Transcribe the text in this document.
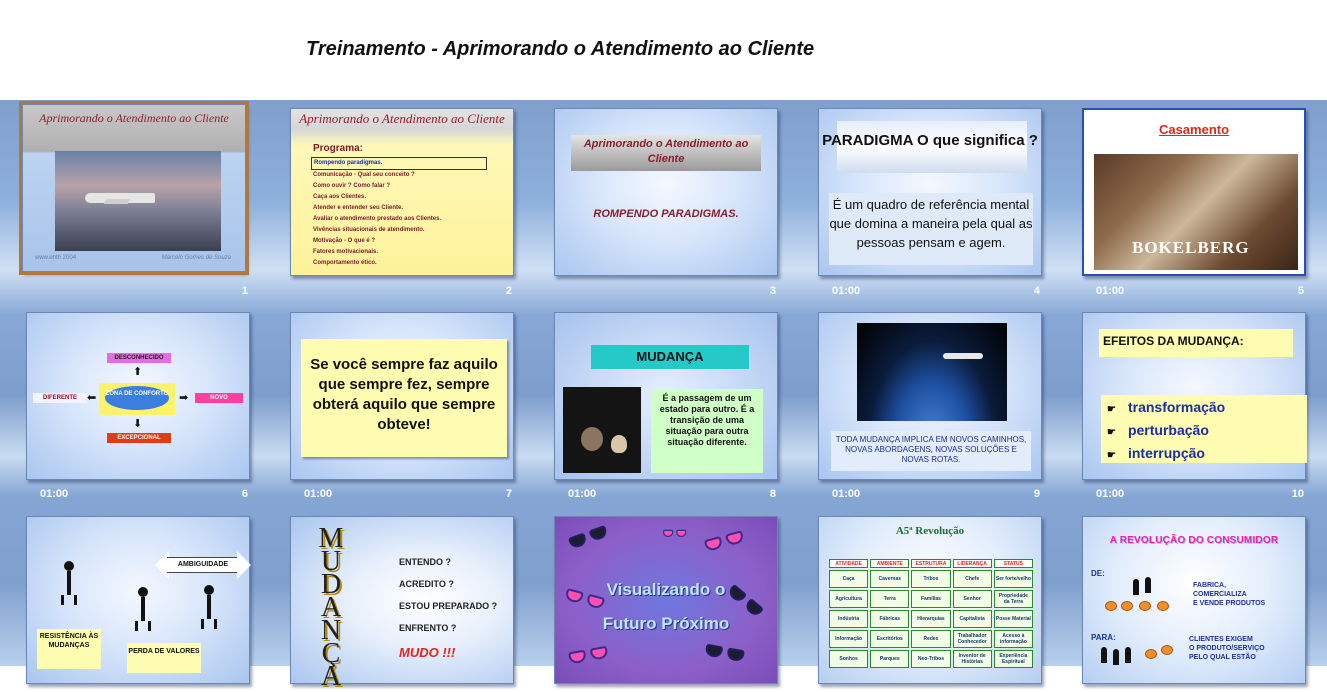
Treinamento - Aprimorando o Atendimento ao Cliente
Aprimorando o Atendimento ao Cliente
www.ehth 2004	Marcelo Gomes de Souza
1
Aprimorando o Atendimento ao Cliente
Programa:
Rompendo paradigmas.
Comunicação - Qual seu conceito ?
Como ouvir ? Como falar ?
Caça aos Clientes.
Atender e entender seu Cliente.
Avaliar o atendimento prestado aos Clientes.
Vivências situacionais de atendimento.
Motivação - O que é ?
Fatores motivacionais.
Comportamento ético.
2
Aprimorando o Atendimento ao Cliente
ROMPENDO PARADIGMAS.
3
PARADIGMA O que significa ?
É um quadro de referência mental que domina a maneira pela qual as pessoas pensam e agem.
01:00	4
Casamento
BOKELBERG
01:00	5
DESCONHECIDO
⬆
DIFERENTE ⬅ ZONA DE CONFORTO ➡	NOVO
⬇
EXCEPCIONAL
01:00	6
Se você sempre faz aquilo que sempre fez, sempre obterá aquilo que sempre obteve!
01:00	7
MUDANÇA
É a passagem de um estado para outro. É a transição de uma situação para outra situação diferente.
01:00	8
TODA MUDANÇA IMPLICA EM NOVOS CAMINHOS, NOVAS ABORDAGENS, NOVAS SOLUÇÕES E NOVAS ROTAS.
01:00	9
EFEITOS DA MUDANÇA:
☛ transformação
☛ perturbação
☛ interrupção
01:00	10
AMBIGUIDADE
RESISTÊNCIA ÀS MUDANÇAS
PERDA DE VALORES
M
U
D
A
N
Ç
A
ENTENDO ?
ACREDITO ?
ESTOU PREPARADO ?
ENFRENTO ?
MUDO !!!
Visualizando o
Futuro Próximo
A5ª Revolução
ATIVIDADE	AMBIENTE	ESTRUTURA	LIDERANÇA	STATUS
Caça	Cavernas	Tribos	Chefe	Ser forte/velho
Agricultura	Terra	Famílias	Senhor	Propriedade da Terra
Indústria	Fábricas	Hierarquias	Capitalista	Posse Material
Informação	Escritórios	Redes	Trabalhador Conhecedor	Acesso à informação
Sonhos	Parques	Neo-Tribos	Inventor de Histórias	Experiência Espiritual
A REVOLUÇÃO DO CONSUMIDOR
DE:
FABRICA,
COMERCIALIZA
E VENDE PRODUTOS
PARA:	CLIENTES EXIGEM
O PRODUTO/SERVIÇO
PELO QUAL ESTÃO
